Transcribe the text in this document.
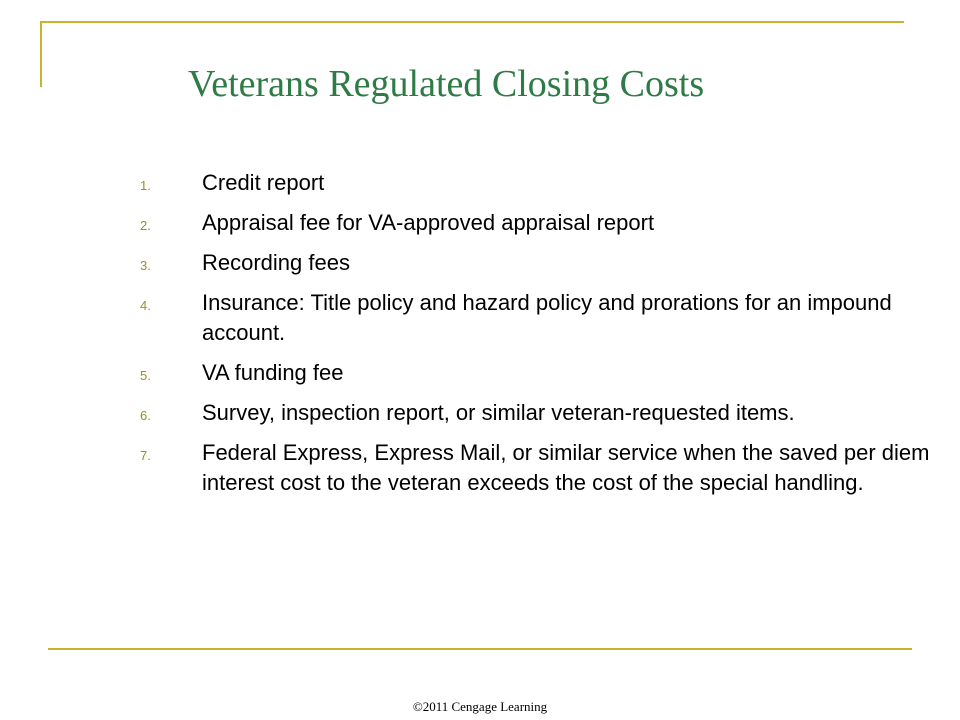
Veterans Regulated Closing Costs
1.	Credit report
2.	Appraisal fee for VA-approved appraisal report
3.	Recording fees
4.	Insurance: Title policy and hazard policy and prorations for an impound account.
5.	VA funding fee
6.	Survey, inspection report, or similar veteran-requested items.
7.	Federal Express, Express Mail, or similar service when the saved per diem interest cost to the veteran exceeds the cost of the special handling.

©2011 Cengage Learning
